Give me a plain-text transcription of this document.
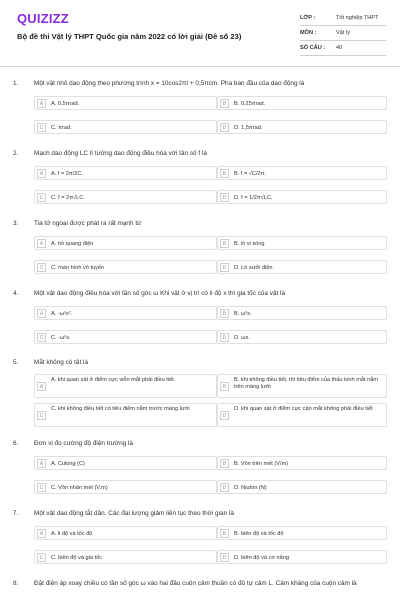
QUIZIZZ
Bộ đề thi Vật lý THPT Quốc gia năm 2022 có lời giải (Đề số 23)
LỚP :	Tốt nghiệp THPT
MÔN :	Vật lý
SỐ CÂU :	40
1. Một vật nhỏ dao động theo phương trình x = 10cos2πt + 0,5πcm. Pha ban đầu của dao động là
A	A. 0,5πrad.	B	B. 0,25πrad.
C	C. πrad.	D	D. 1,5πrad.
2. Mạch dao động LC lí tưởng dao động điều hòa với tần số f là
A	A. f = 2π/2C.	B	B. f = √C/2π.
C	C. f = 2π√LC.	D	D. f = 1/2π√LC.
3. Tia tử ngoại được phát ra rất mạnh từ
A	A. hồ quang điện	B	B. lò vi sóng
C	C. màn hình vô tuyến	D	D. Lò sưởi điện
4. Một vật dao động điều hòa với tần số góc ω Khi vật ở vị trí có li độ x thì gia tốc của vật là
A	A. -ω²x².	B	B. ω²x.
C	C. -ω²x.	D	D. ωx.
5. Mắt không có tật là
A
A. khi quan sát ở điểm cực viễn mắt phải điều tiết.
B
B. khi không điều tiết, thì tiêu điểm của thấu kính mắt nằm trên màng lưới
C
C. khi không điều tiết có tiêu điểm nằm trước màng lưới
D
D. khi quan sát ở điểm cực cận mắt không phải điều tiết
6. Đơn vị đo cường độ điện trường là
A	A. Culong (C)	B	B. Vôn trên mét (V/m)
C	C. Vôn nhân mét (V.m)	D	D. Niuton (N)
7. Một vật dao động tắt dần. Các đại lượng giảm liên tục theo thời gian là
A	A. li độ và tốc độ	B	B. biên độ và tốc độ
C	C. biên độ và gia tốc	D	D. biên độ và cơ năng
8. Đặt điện áp xoay chiều có tần số góc ω vào hai đầu cuộn cảm thuần có độ tự cảm L. Cảm kháng của cuộn cảm là
